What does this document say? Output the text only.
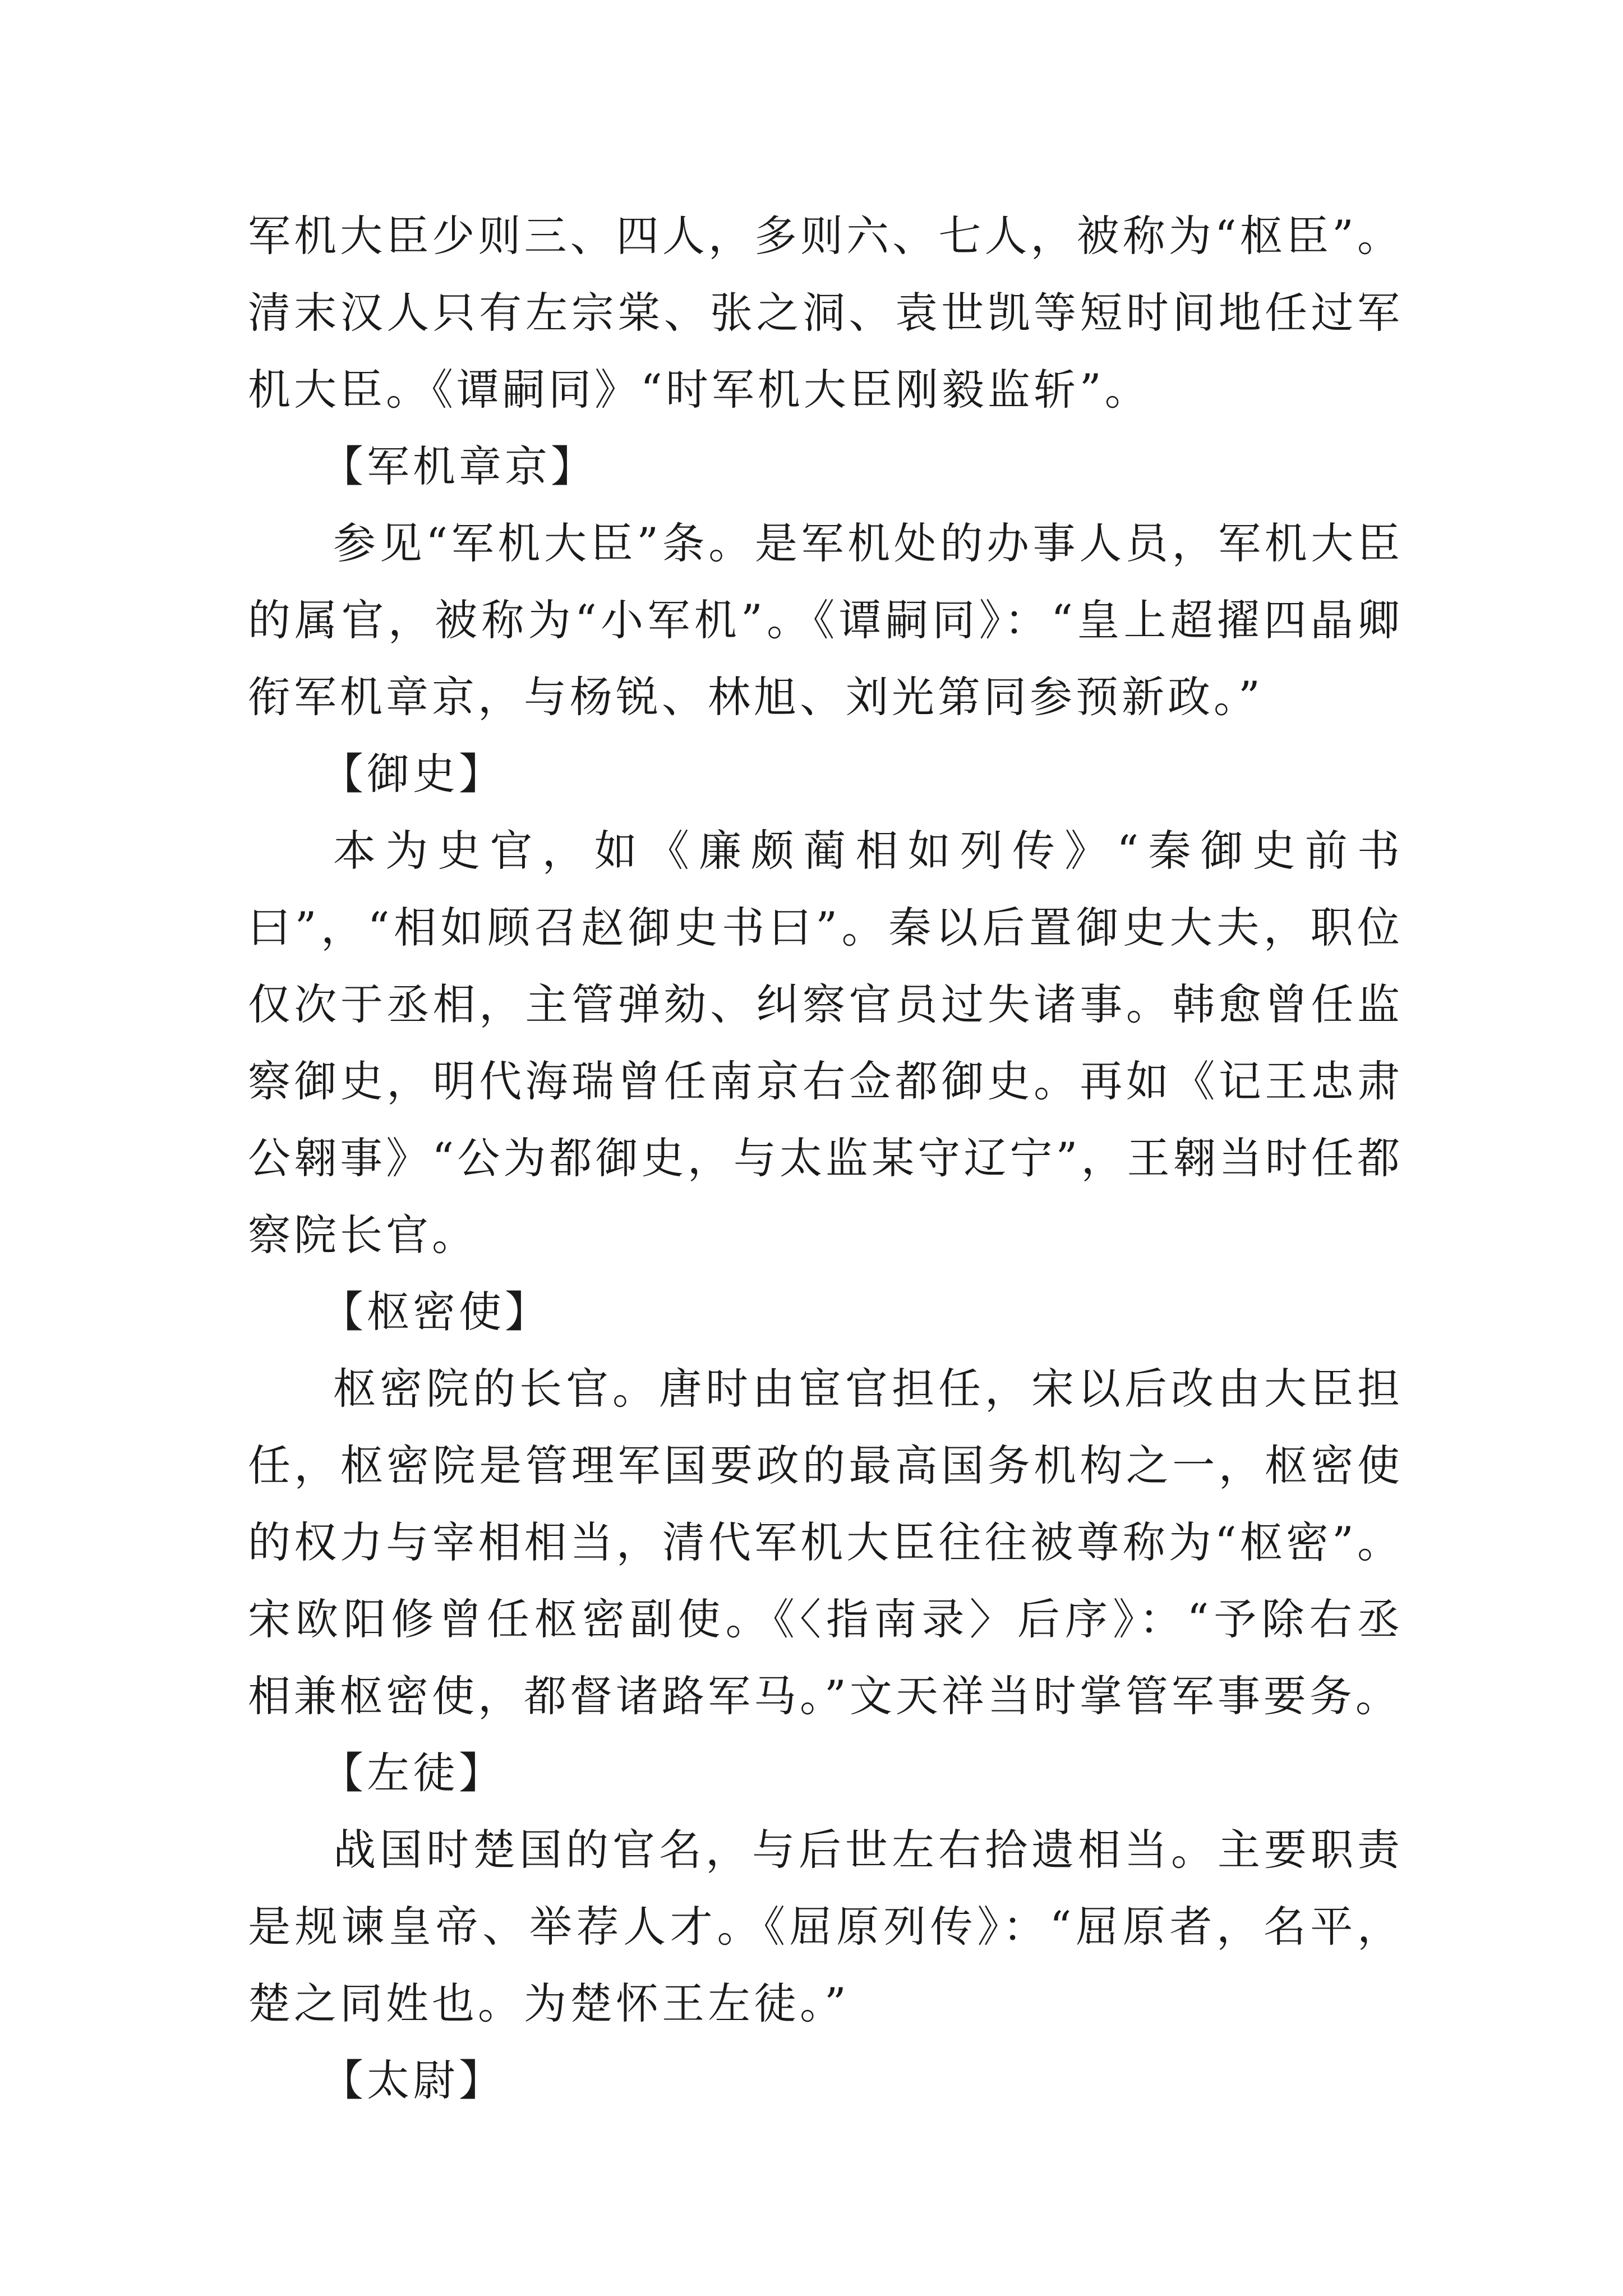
军机大臣少则三、四人，多则六、七人，被称为“枢臣”。清末汉人只有左宗棠、张之洞、袁世凯等短时间地任过军机大臣。《谭嗣同》“时军机大臣刚毅监斩”。

【军机章京】

参见“军机大臣”条。是军机处的办事人员，军机大臣的属官，被称为“小军机”。《谭嗣同》：“皇上超擢四晶卿衔军机章京，与杨锐、林旭、刘光第同参预新政。”

【御史】

本为史官，如《廉颇蔺相如列传》“秦御史前书曰”，“相如顾召赵御史书曰”。秦以后置御史大夫，职位仅次于丞相，主管弹劾、纠察官员过失诸事。韩愈曾任监察御史，明代海瑞曾任南京右佥都御史。再如《记王忠肃公翱事》“公为都御史，与太监某守辽宁”，王翱当时任都察院长官。

【枢密使】

枢密院的长官。唐时由宦官担任，宋以后改由大臣担任，枢密院是管理军国要政的最高国务机构之一，枢密使的权力与宰相相当，清代军机大臣往往被尊称为“枢密”。宋欧阳修曾任枢密副使。《〈指南录〉后序》：“予除右丞相兼枢密使，都督诸路军马。”文天祥当时掌管军事要务。

【左徒】

战国时楚国的官名，与后世左右拾遗相当。主要职责是规谏皇帝、举荐人才。《屈原列传》：“屈原者，名平，楚之同姓也。为楚怀王左徒。”

【太尉】
